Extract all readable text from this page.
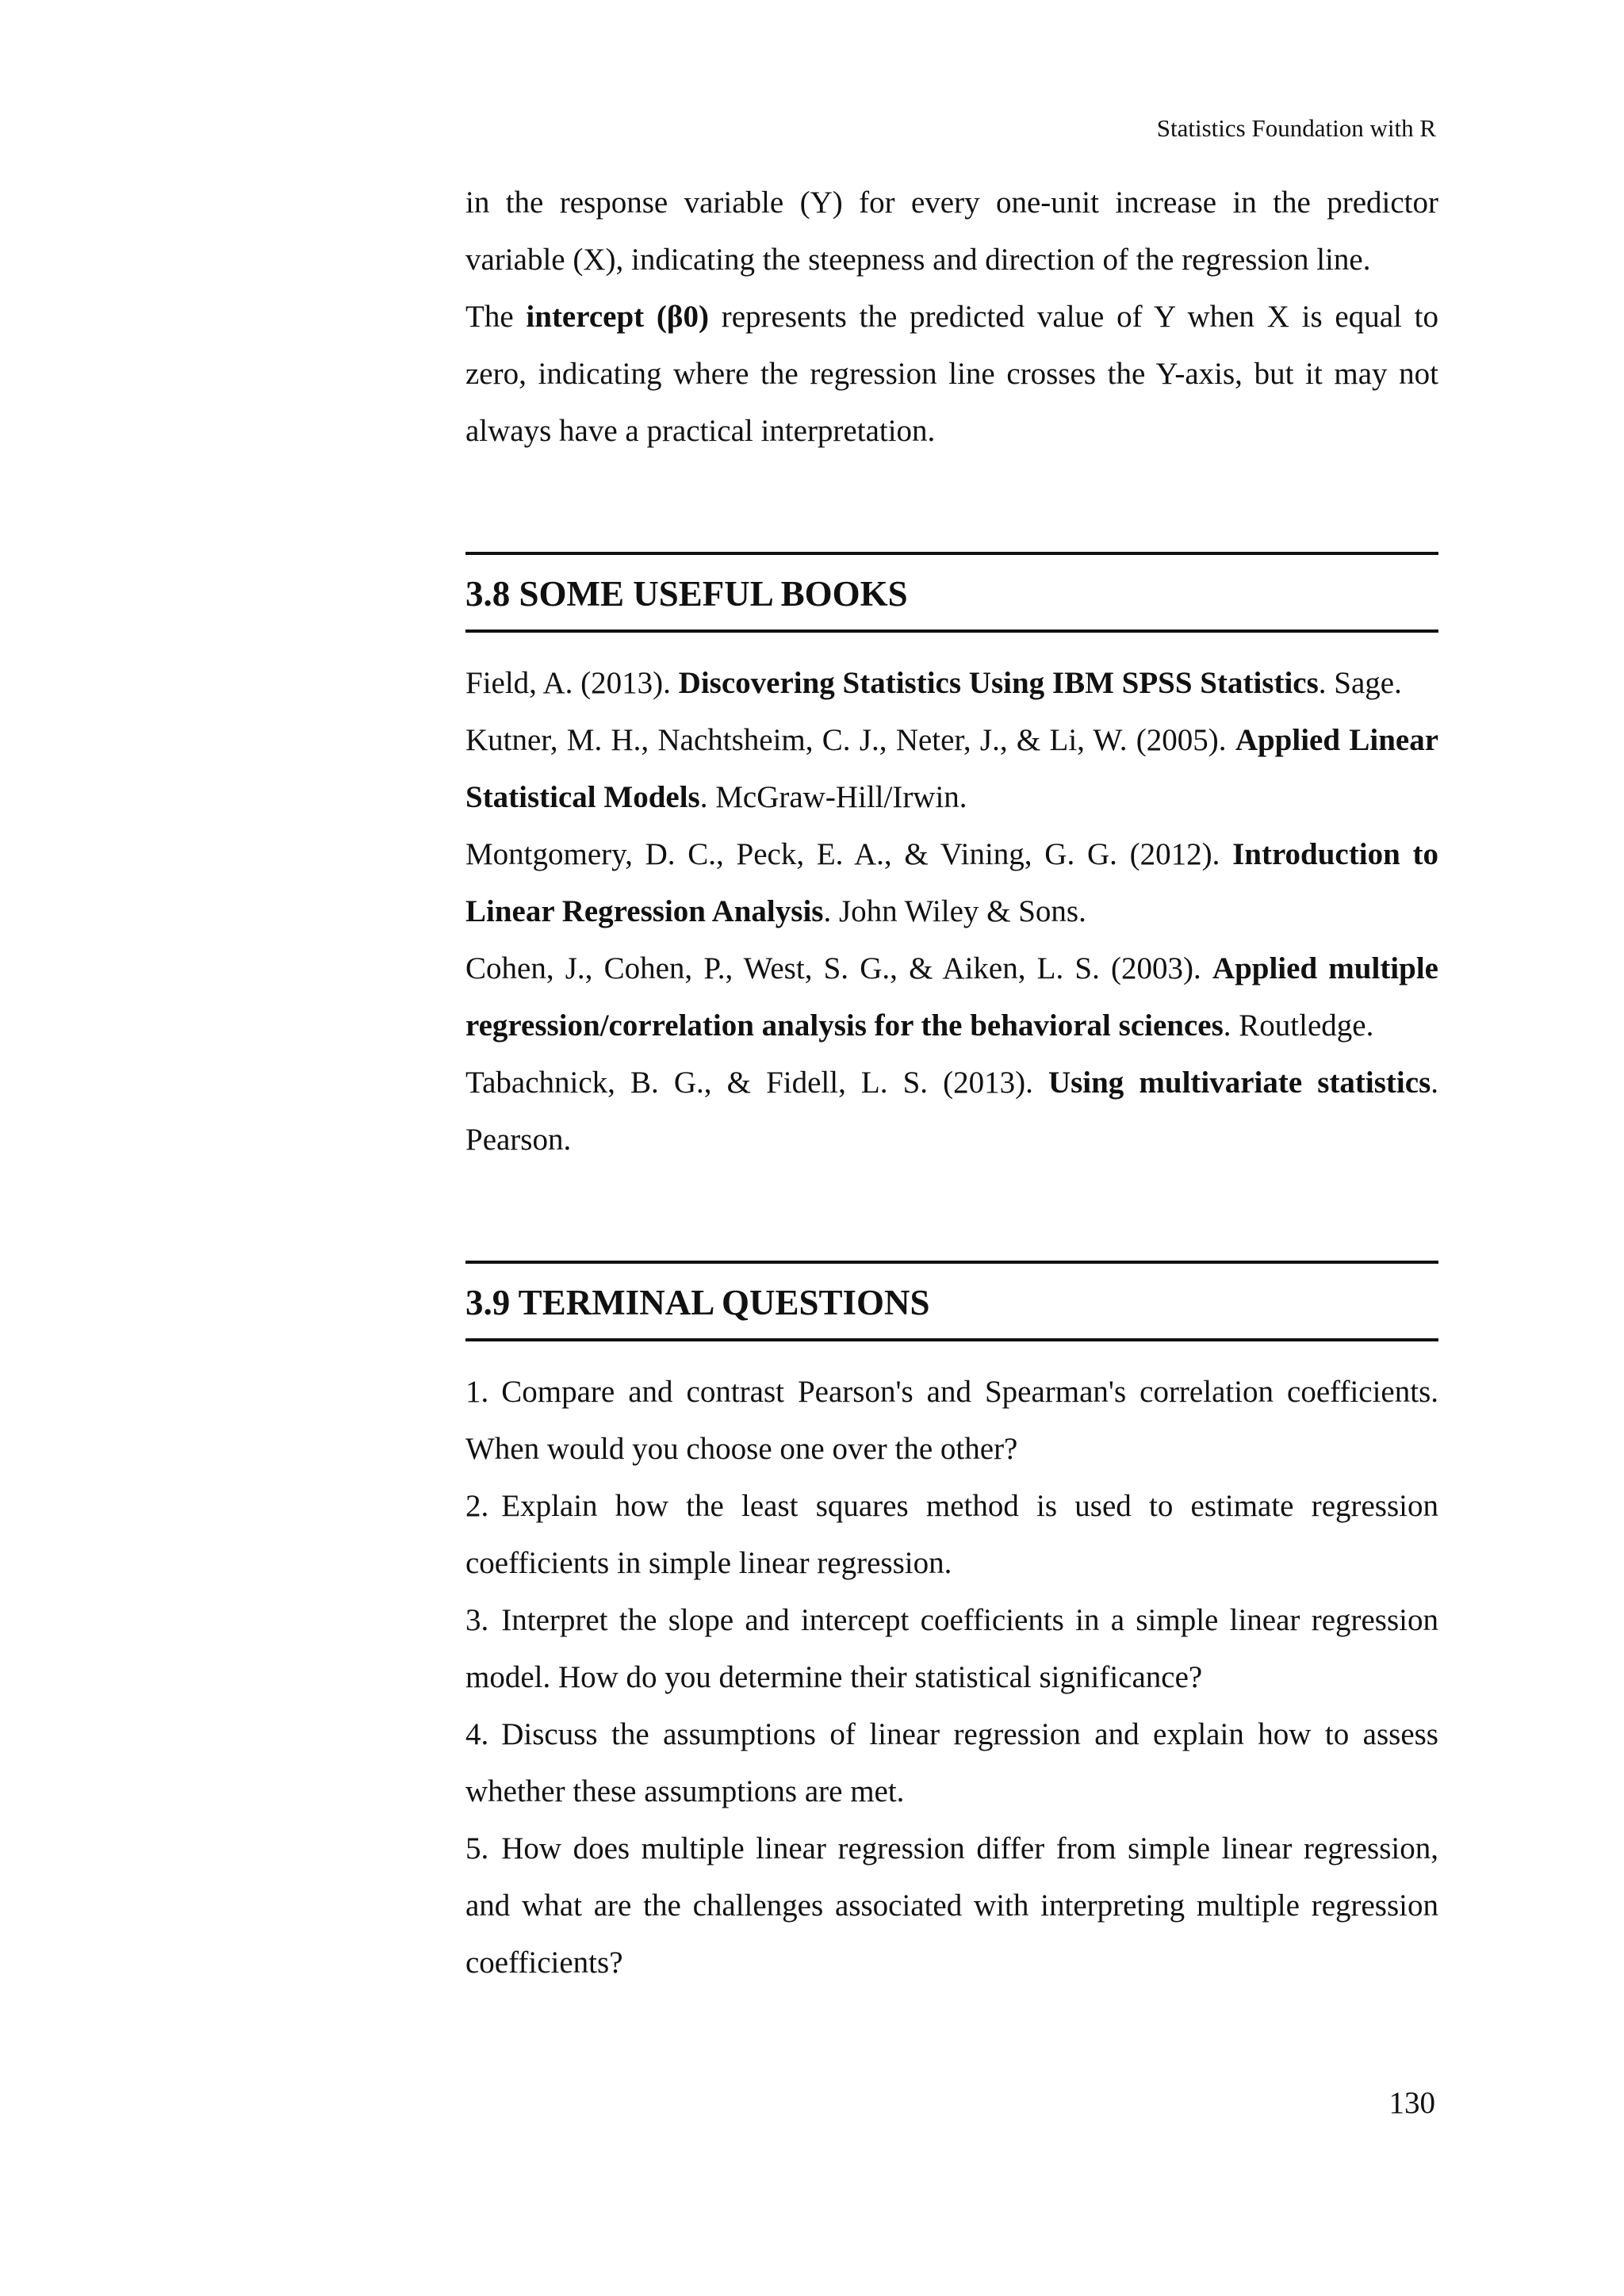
Statistics Foundation with R

in the response variable (Y) for every one-unit increase in the predictor variable (X), indicating the steepness and direction of the regression line.

The intercept (β0) represents the predicted value of Y when X is equal to zero, indicating where the regression line crosses the Y-axis, but it may not always have a practical interpretation.

3.8 SOME USEFUL BOOKS

Field, A. (2013). Discovering Statistics Using IBM SPSS Statistics. Sage.

Kutner, M. H., Nachtsheim, C. J., Neter, J., & Li, W. (2005). Applied Linear Statistical Models. McGraw-Hill/Irwin.

Montgomery, D. C., Peck, E. A., & Vining, G. G. (2012). Introduction to Linear Regression Analysis. John Wiley & Sons.

Cohen, J., Cohen, P., West, S. G., & Aiken, L. S. (2003). Applied multiple regression/correlation analysis for the behavioral sciences. Routledge.

Tabachnick, B. G., & Fidell, L. S. (2013). Using multivariate statistics. Pearson.

3.9 TERMINAL QUESTIONS

1. Compare and contrast Pearson's and Spearman's correlation coefficients. When would you choose one over the other?

2. Explain how the least squares method is used to estimate regression coefficients in simple linear regression.

3. Interpret the slope and intercept coefficients in a simple linear regression model. How do you determine their statistical significance?

4. Discuss the assumptions of linear regression and explain how to assess whether these assumptions are met.

5. How does multiple linear regression differ from simple linear regression, and what are the challenges associated with interpreting multiple regression coefficients?

130
